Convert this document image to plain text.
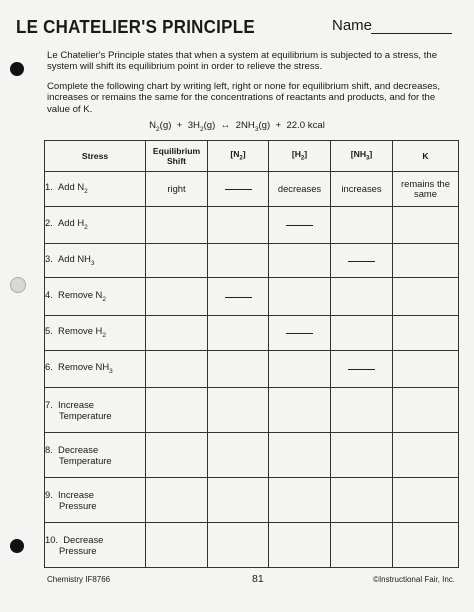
LE CHATELIER'S PRINCIPLE	Name

Le Chatelier's Principle states that when a system at equilibrium is subjected to a stress, the system will shift its equilibrium point in order to relieve the stress.

Complete the following chart by writing left, right or none for equilibrium shift, and decreases, increases or remains the same for the concentrations of reactants and products, and for the value of K.

$N_2(g) + 3H_2(g)$ ↔ $2NH_3(g) + 22.0$ kcal

Stress	Equilibrium
Shift	$[N_2]$	$[H_2]$	$[NH_3]$	K
1. Add $N_2$	right		decreases	increases	remains the same
2. Add $H_2$					
3. Add $NH_3$					
4. Remove $N_2$					
5. Remove $H_2$					
6. Remove $NH_3$					
7. Increase
Temperature					
8. Decrease
Temperature					
9. Increase
Pressure					
10. Decrease
Pressure					
Chemistry IF8766	81	©Instructional Fair, Inc.
